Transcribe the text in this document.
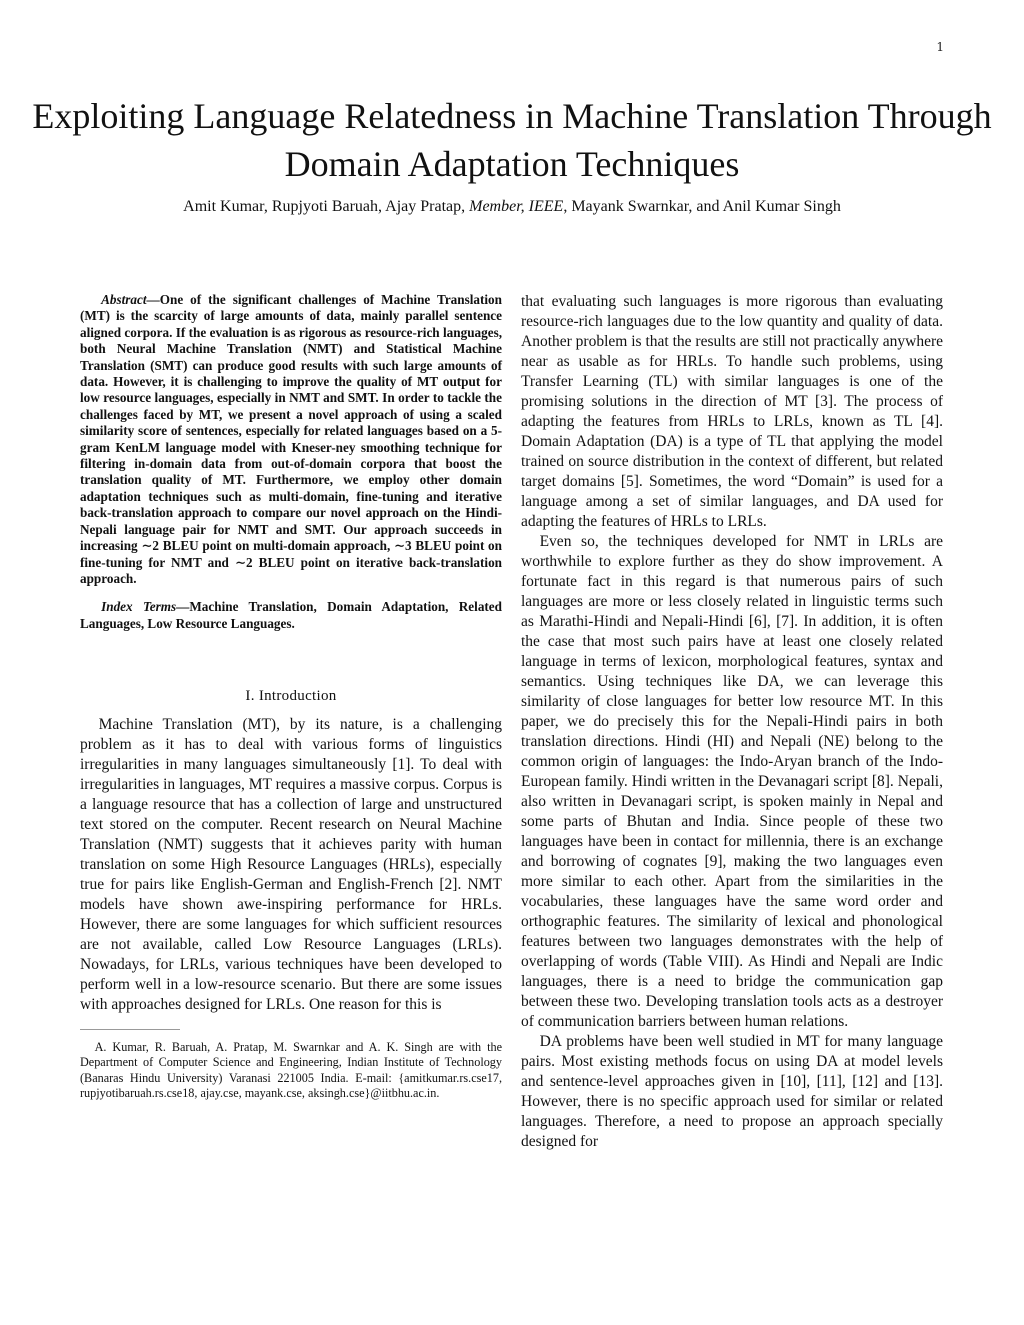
1
Exploiting Language Relatedness in Machine Translation Through Domain Adaptation Techniques
Amit Kumar, Rupjyoti Baruah, Ajay Pratap, Member, IEEE, Mayank Swarnkar, and Anil Kumar Singh

Abstract—One of the significant challenges of Machine Translation (MT) is the scarcity of large amounts of data, mainly parallel sentence aligned corpora. If the evaluation is as rigorous as resource-rich languages, both Neural Machine Translation (NMT) and Statistical Machine Translation (SMT) can produce good results with such large amounts of data. However, it is challenging to improve the quality of MT output for low resource languages, especially in NMT and SMT. In order to tackle the challenges faced by MT, we present a novel approach of using a scaled similarity score of sentences, especially for related languages based on a 5-gram KenLM language model with Kneser-ney smoothing technique for filtering in-domain data from out-of-domain corpora that boost the translation quality of MT. Furthermore, we employ other domain adaptation techniques such as multi-domain, fine-tuning and iterative back-translation approach to compare our novel approach on the Hindi-Nepali language pair for NMT and SMT. Our approach succeeds in increasing ∼2 BLEU point on multi-domain approach, ∼3 BLEU point on fine-tuning for NMT and ∼2 BLEU point on iterative back-translation approach.

Index Terms—Machine Translation, Domain Adaptation, Related Languages, Low Resource Languages.

I. Introduction

Machine Translation (MT), by its nature, is a challenging problem as it has to deal with various forms of linguistics irregularities in many languages simultaneously [1]. To deal with irregularities in languages, MT requires a massive corpus. Corpus is a language resource that has a collection of large and unstructured text stored on the computer. Recent research on Neural Machine Translation (NMT) suggests that it achieves parity with human translation on some High Resource Languages (HRLs), especially true for pairs like English-German and English-French [2]. NMT models have shown awe-inspiring performance for HRLs. However, there are some languages for which sufficient resources are not available, called Low Resource Languages (LRLs). Nowadays, for LRLs, various techniques have been developed to perform well in a low-resource scenario. But there are some issues with approaches designed for LRLs. One reason for this is

A. Kumar, R. Baruah, A. Pratap, M. Swarnkar and A. K. Singh are with the Department of Computer Science and Engineering, Indian Institute of Technology (Banaras Hindu University) Varanasi 221005 India. E-mail: {amitkumar.rs.cse17, rupjyotibaruah.rs.cse18, ajay.cse, mayank.cse, aksingh.cse}@iitbhu.ac.in.

that evaluating such languages is more rigorous than evaluating resource-rich languages due to the low quantity and quality of data. Another problem is that the results are still not practically anywhere near as usable as for HRLs. To handle such problems, using Transfer Learning (TL) with similar languages is one of the promising solutions in the direction of MT [3]. The process of adapting the features from HRLs to LRLs, known as TL [4]. Domain Adaptation (DA) is a type of TL that applying the model trained on source distribution in the context of different, but related target domains [5]. Sometimes, the word “Domain” is used for a language among a set of similar languages, and DA used for adapting the features of HRLs to LRLs.

Even so, the techniques developed for NMT in LRLs are worthwhile to explore further as they do show improvement. A fortunate fact in this regard is that numerous pairs of such languages are more or less closely related in linguistic terms such as Marathi-Hindi and Nepali-Hindi [6], [7]. In addition, it is often the case that most such pairs have at least one closely related language in terms of lexicon, morphological features, syntax and semantics. Using techniques like DA, we can leverage this similarity of close languages for better low resource MT. In this paper, we do precisely this for the Nepali-Hindi pairs in both translation directions. Hindi (HI) and Nepali (NE) belong to the common origin of languages: the Indo-Aryan branch of the Indo-European family. Hindi written in the Devanagari script [8]. Nepali, also written in Devanagari script, is spoken mainly in Nepal and some parts of Bhutan and India. Since people of these two languages have been in contact for millennia, there is an exchange and borrowing of cognates [9], making the two languages even more similar to each other. Apart from the similarities in the vocabularies, these languages have the same word order and orthographic features. The similarity of lexical and phonological features between two languages demonstrates with the help of overlapping of words (Table VIII). As Hindi and Nepali are Indic languages, there is a need to bridge the communication gap between these two. Developing translation tools acts as a destroyer of communication barriers between human relations.

DA problems have been well studied in MT for many language pairs. Most existing methods focus on using DA at model levels and sentence-level approaches given in [10], [11], [12] and [13]. However, there is no specific approach used for similar or related languages. Therefore, a need to propose an approach specially designed for
